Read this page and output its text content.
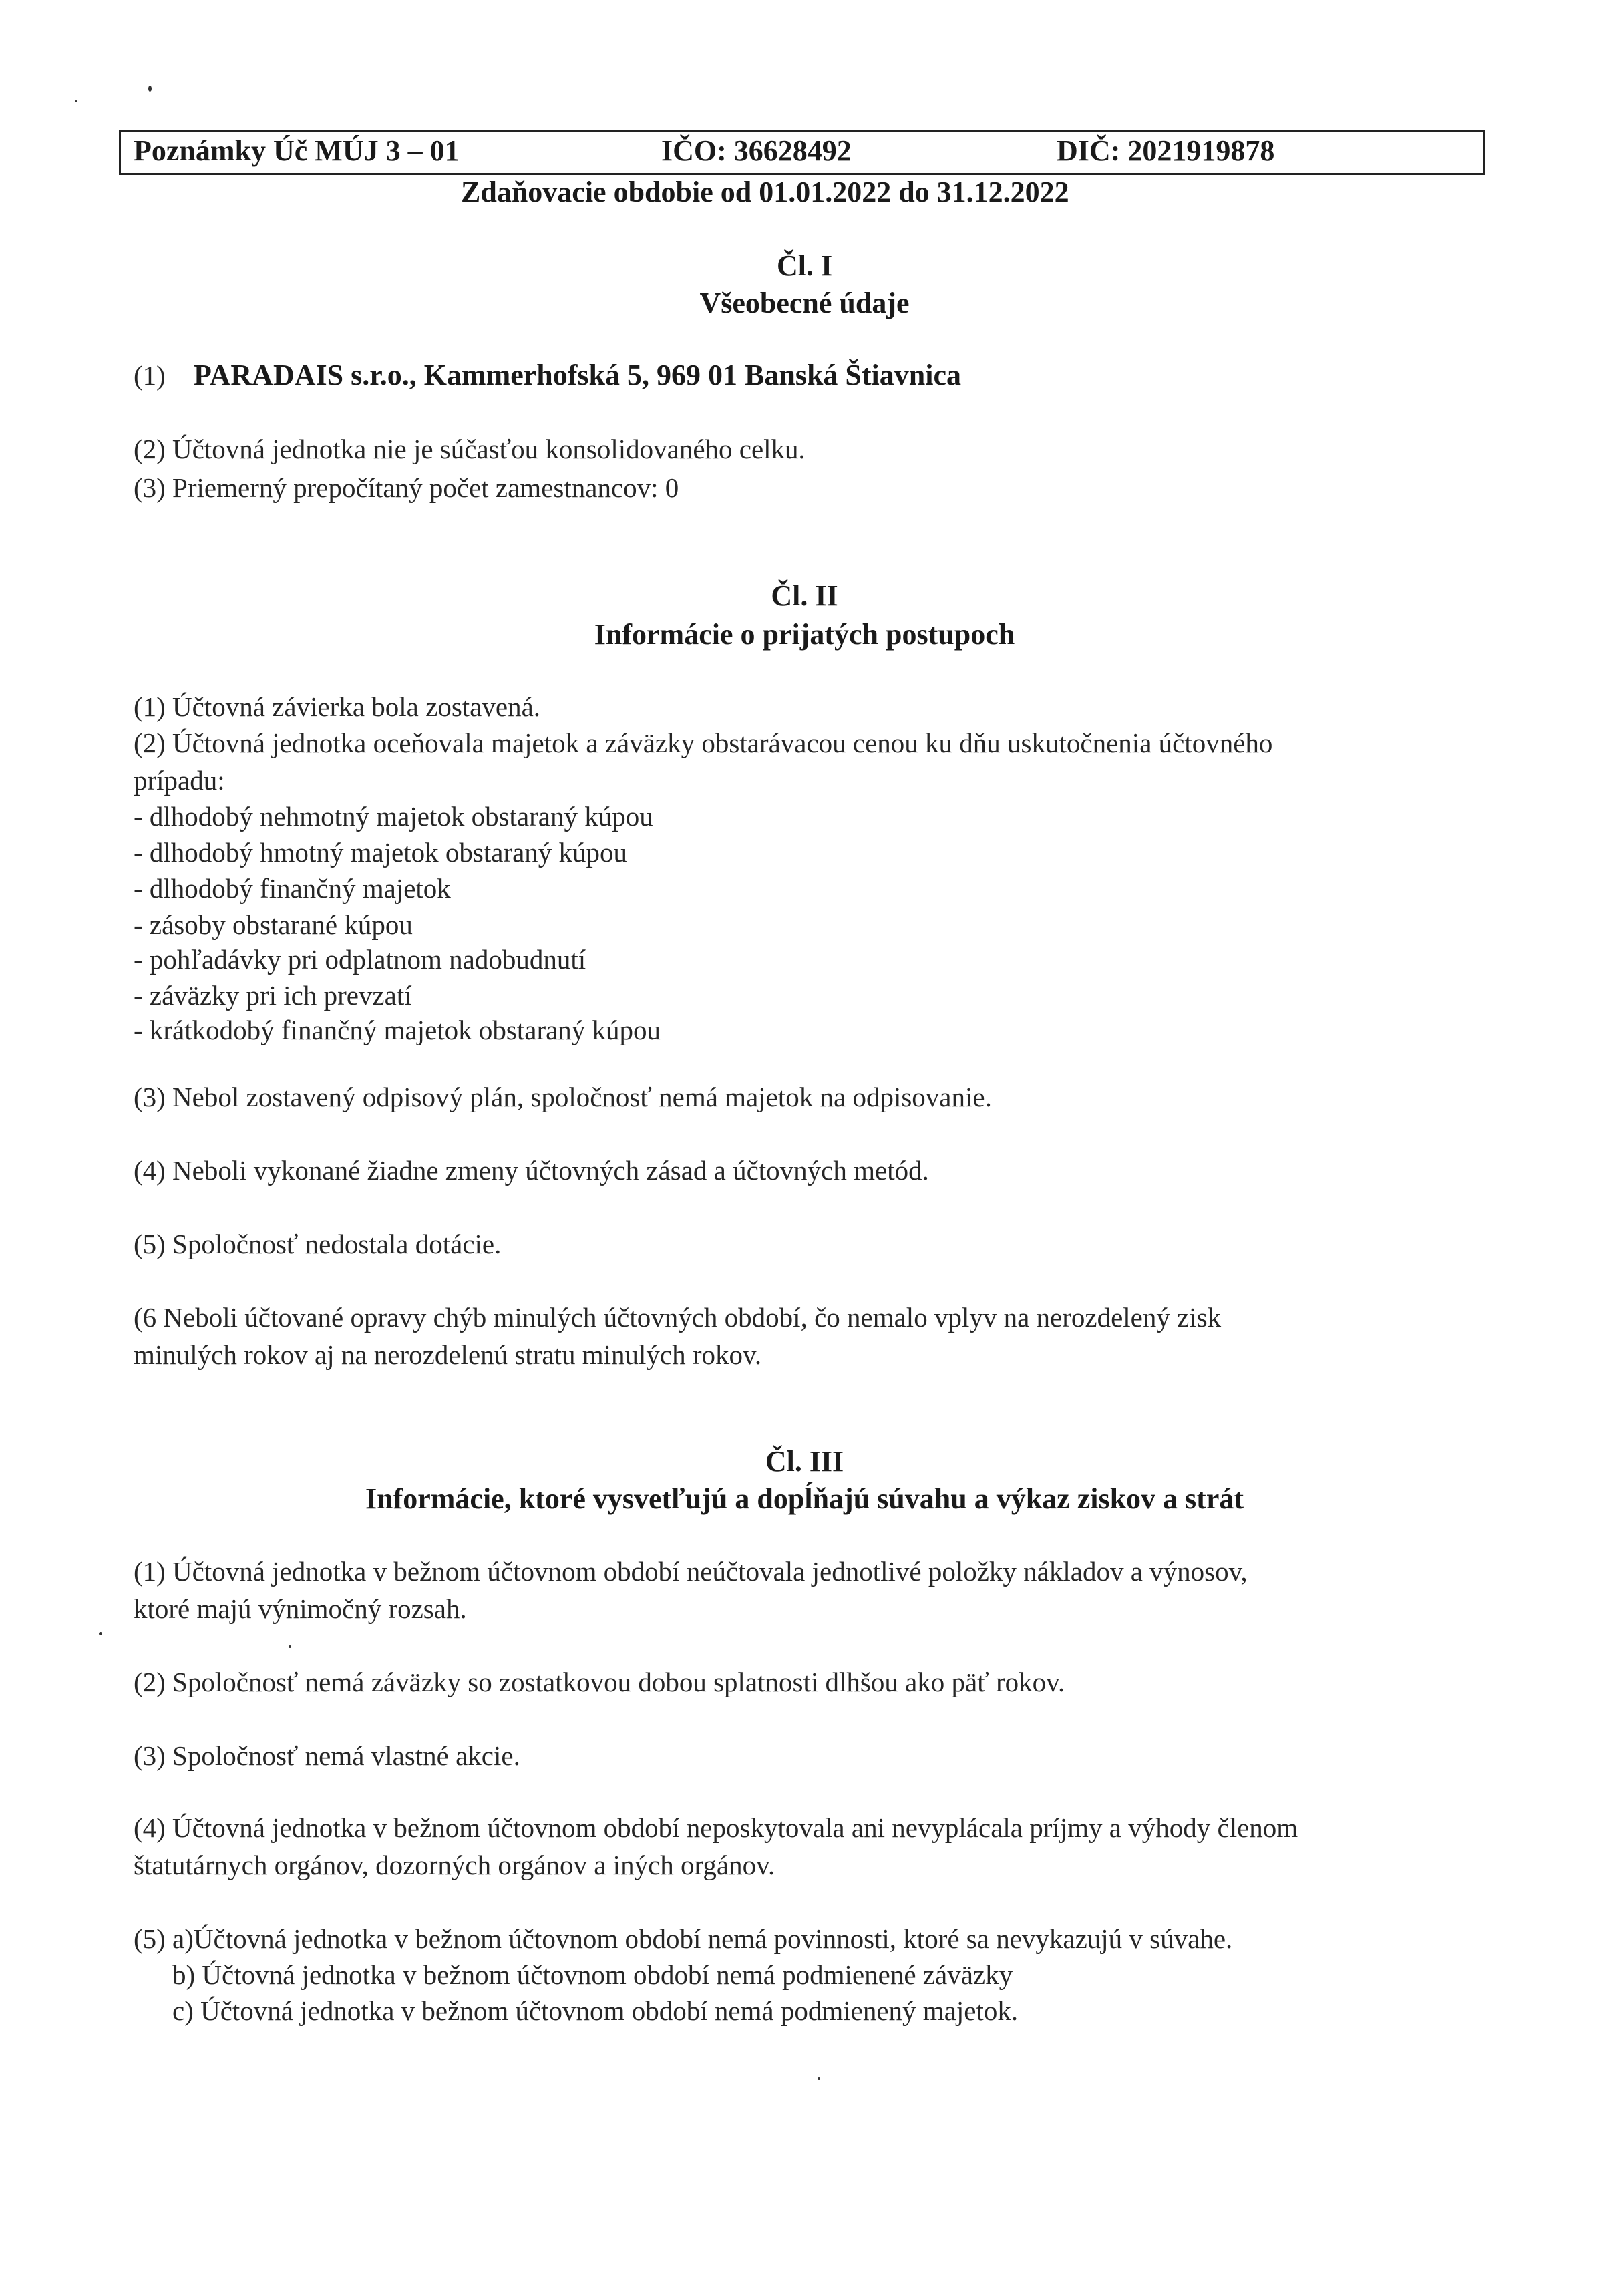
Poznámky Úč MÚJ 3 – 01	IČO: 36628492	DIČ: 2021919878
Zdaňovacie obdobie od 01.01.2022 do 31.12.2022
Čl. I
Všeobecné údaje
(1) PARADAIS s.r.o., Kammerhofská 5, 969 01 Banská Štiavnica
(2) Účtovná jednotka nie je súčasťou konsolidovaného celku.
(3) Priemerný prepočítaný počet zamestnancov: 0
Čl. II
Informácie o prijatých postupoch
(1) Účtovná závierka bola zostavená.
(2) Účtovná jednotka oceňovala majetok a záväzky obstarávacou cenou ku dňu uskutočnenia účtovného
prípadu:
- dlhodobý nehmotný majetok obstaraný kúpou
- dlhodobý hmotný majetok obstaraný kúpou
- dlhodobý finančný majetok
- zásoby obstarané kúpou
- pohľadávky pri odplatnom nadobudnutí
- záväzky pri ich prevzatí
- krátkodobý finančný majetok obstaraný kúpou
(3) Nebol zostavený odpisový plán, spoločnosť nemá majetok na odpisovanie.
(4) Neboli vykonané žiadne zmeny účtovných zásad a účtovných metód.
(5) Spoločnosť nedostala dotácie.
(6 Neboli účtované opravy chýb minulých účtovných období, čo nemalo vplyv na nerozdelený zisk
minulých rokov aj na nerozdelenú stratu minulých rokov.
Čl. III
Informácie, ktoré vysvetľujú a dopĺňajú súvahu a výkaz ziskov a strát
(1) Účtovná jednotka v bežnom účtovnom období neúčtovala jednotlivé položky nákladov a výnosov,
ktoré majú výnimočný rozsah.
(2) Spoločnosť nemá záväzky so zostatkovou dobou splatnosti dlhšou ako päť rokov.
(3) Spoločnosť nemá vlastné akcie.
(4) Účtovná jednotka v bežnom účtovnom období neposkytovala ani nevyplácala príjmy a výhody členom
štatutárnych orgánov, dozorných orgánov a iných orgánov.
(5) a)Účtovná jednotka v bežnom účtovnom období nemá povinnosti, ktoré sa nevykazujú v súvahe.
b) Účtovná jednotka v bežnom účtovnom období nemá podmienené záväzky
c) Účtovná jednotka v bežnom účtovnom období nemá podmienený majetok.
